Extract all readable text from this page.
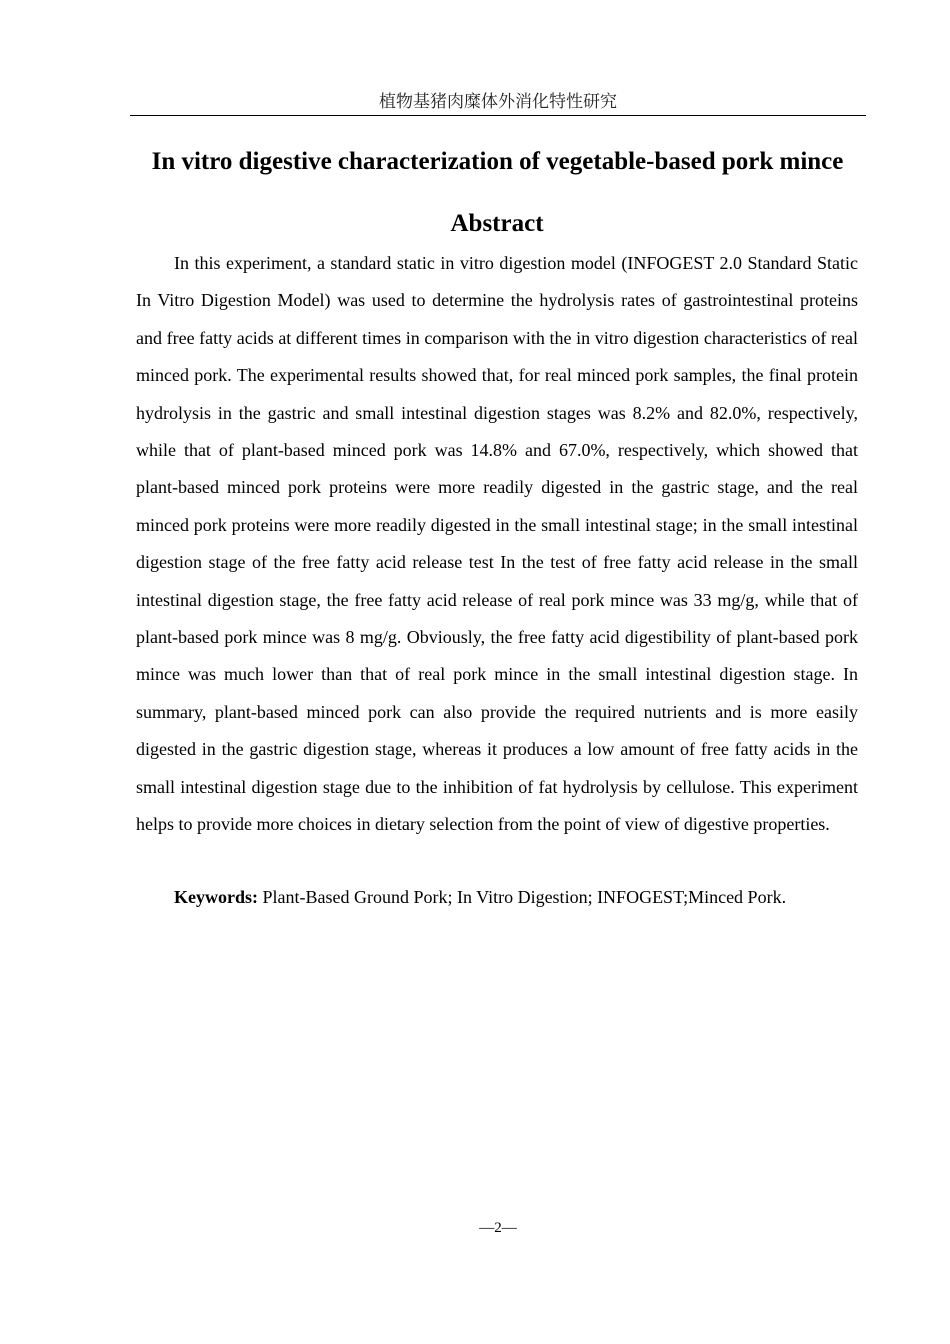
植物基猪肉糜体外消化特性研究
In vitro digestive characterization of vegetable-based pork mince
Abstract

In this experiment, a standard static in vitro digestion model (INFOGEST 2.0 Standard Static In Vitro Digestion Model) was used to determine the hydrolysis rates of gastrointestinal proteins and free fatty acids at different times in comparison with the in vitro digestion characteristics of real minced pork. The experimental results showed that, for real minced pork samples, the final protein hydrolysis in the gastric and small intestinal digestion stages was 8.2% and 82.0%, respectively, while that of plant-based minced pork was 14.8% and 67.0%, respectively, which showed that plant-based minced pork proteins were more readily digested in the gastric stage, and the real minced pork proteins were more readily digested in the small intestinal stage; in the small intestinal digestion stage of the free fatty acid release test In the test of free fatty acid release in the small intestinal digestion stage, the free fatty acid release of real pork mince was 33 mg/g, while that of plant-based pork mince was 8 mg/g. Obviously, the free fatty acid digestibility of plant-based pork mince was much lower than that of real pork mince in the small intestinal digestion stage. In summary, plant-based minced pork can also provide the required nutrients and is more easily digested in the gastric digestion stage, whereas it produces a low amount of free fatty acids in the small intestinal digestion stage due to the inhibition of fat hydrolysis by cellulose. This experiment helps to provide more choices in dietary selection from the point of view of digestive properties.

Keywords: Plant-Based Ground Pork; In Vitro Digestion; INFOGEST;Minced Pork.

—2—
